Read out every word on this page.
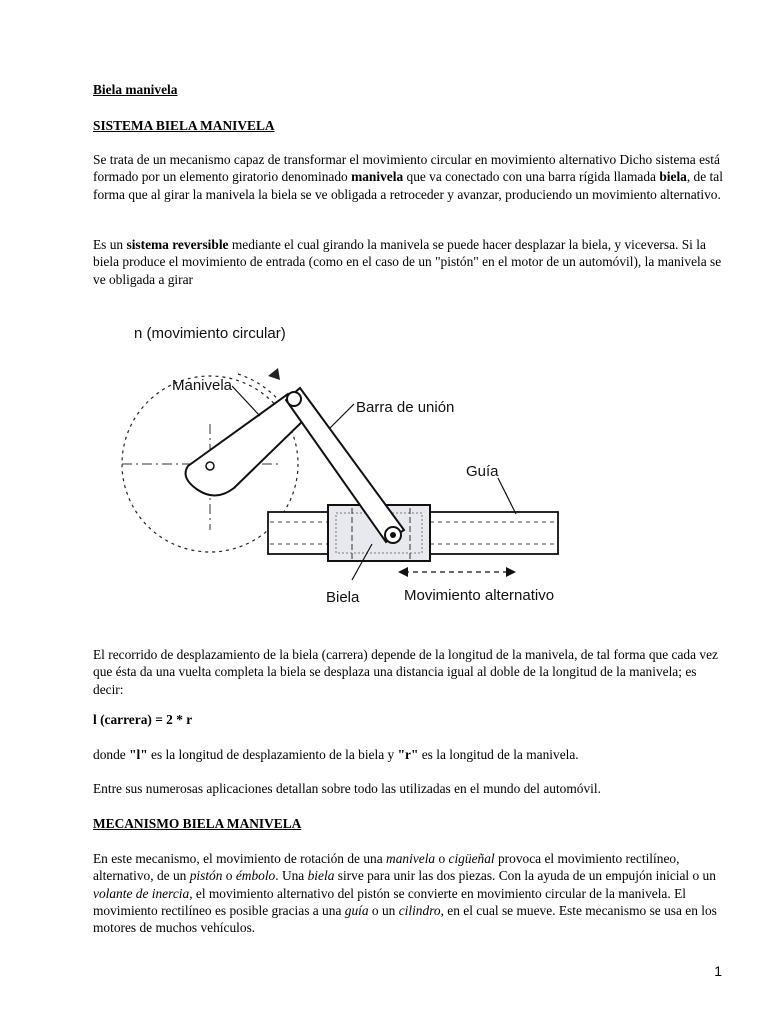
Biela manivela

SISTEMA BIELA MANIVELA

Se trata de un mecanismo capaz de transformar el movimiento circular en movimiento alternativo Dicho sistema está formado por un elemento giratorio denominado manivela que va conectado con una barra rígida llamada biela, de tal forma que al girar la manivela la biela se ve obligada a retroceder y avanzar, produciendo un movimiento alternativo.

Es un sistema reversible mediante el cual girando la manivela se puede hacer desplazar la biela, y viceversa. Si la biela produce el movimiento de entrada (como en el caso de un "pistón" en el motor de un automóvil), la manivela se ve obligada a girar

n (movimiento circular)
Manivela
Barra de unión
Guía
Biela	Movimiento alternativo

El recorrido de desplazamiento de la biela (carrera) depende de la longitud de la manivela, de tal forma que cada vez que ésta da una vuelta completa la biela se desplaza una distancia igual al doble de la longitud de la manivela; es decir:

l (carrera) = 2 * r

donde "l" es la longitud de desplazamiento de la biela y "r" es la longitud de la manivela.

Entre sus numerosas aplicaciones detallan sobre todo las utilizadas en el mundo del automóvil.

MECANISMO BIELA MANIVELA

En este mecanismo, el movimiento de rotación de una manivela o cigüeñal provoca el movimiento rectilíneo, alternativo, de un pistón o émbolo. Una biela sirve para unir las dos piezas. Con la ayuda de un empujón inicial o un volante de inercia, el movimiento alternativo del pistón se convierte en movimiento circular de la manivela. El movimiento rectilíneo es posible gracias a una guía o un cilindro, en el cual se mueve. Este mecanismo se usa en los motores de muchos vehículos.

1
